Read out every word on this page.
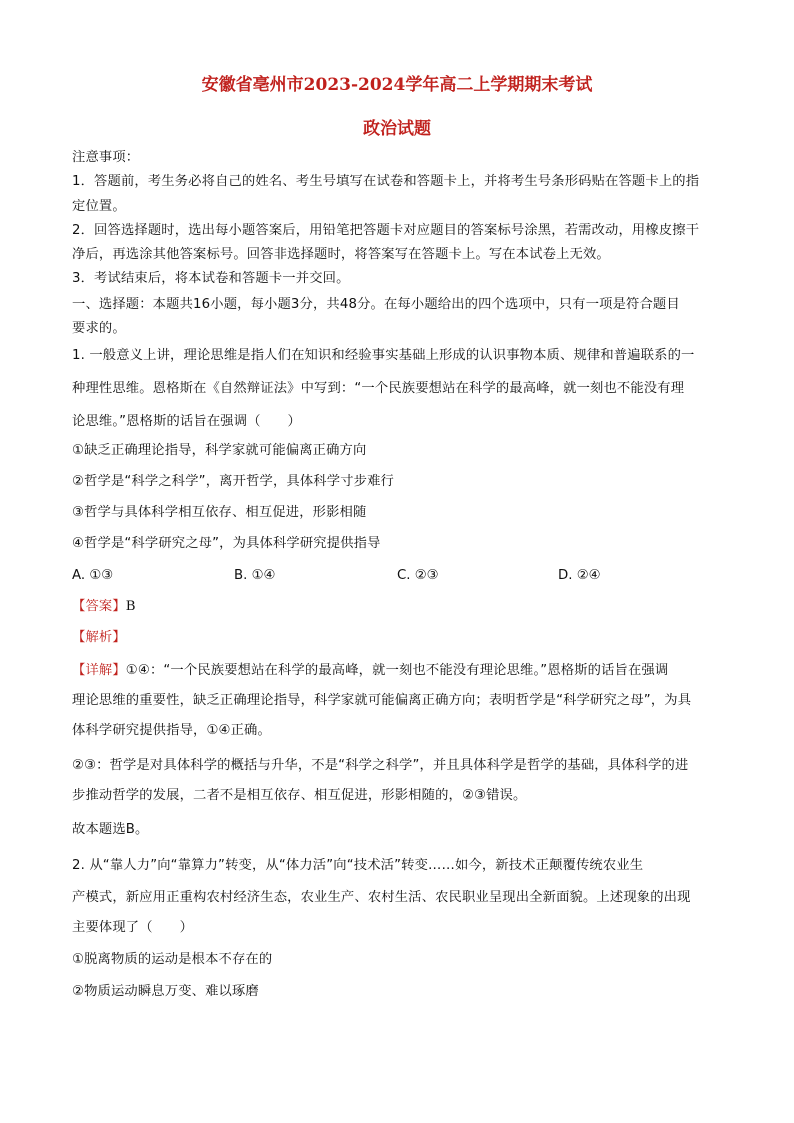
安徽省亳州市2023-2024学年高二上学期期末考试
政治试题
注意事项：
1．答题前，考生务必将自己的姓名、考生号填写在试卷和答题卡上，并将考生号条形码贴在答题卡上的指
定位置。
2．回答选择题时，选出每小题答案后，用铅笔把答题卡对应题目的答案标号涂黑，若需改动，用橡皮擦干
净后，再选涂其他答案标号。回答非选择题时，将答案写在答题卡上。写在本试卷上无效。
3．考试结束后，将本试卷和答题卡一并交回。
一、选择题：本题共16小题，每小题3分，共48分。在每小题给出的四个选项中，只有一项是符合题目
要求的。
1. 一般意义上讲，理论思维是指人们在知识和经验事实基础上形成的认识事物本质、规律和普遍联系的一
种理性思维。恩格斯在《自然辩证法》中写到：“一个民族要想站在科学的最高峰，就一刻也不能没有理
论思维。”恩格斯的话旨在强调（　　）
①缺乏正确理论指导，科学家就可能偏离正确方向
②哲学是“科学之科学”，离开哲学，具体科学寸步难行
③哲学与具体科学相互依存、相互促进，形影相随
④哲学是“科学研究之母”，为具体科学研究提供指导
A. ①③	B. ①④	C. ②③	D. ②④
【答案】B
【解析】
【详解】①④：“一个民族要想站在科学的最高峰，就一刻也不能没有理论思维。”恩格斯的话旨在强调
理论思维的重要性，缺乏正确理论指导，科学家就可能偏离正确方向；表明哲学是“科学研究之母”，为具
体科学研究提供指导，①④正确。
②③：哲学是对具体科学的概括与升华，不是“科学之科学”，并且具体科学是哲学的基础，具体科学的进
步推动哲学的发展，二者不是相互依存、相互促进，形影相随的，②③错误。
故本题选B。
2. 从“靠人力”向“靠算力”转变，从“体力活”向“技术活”转变……如今，新技术正颠覆传统农业生
产模式，新应用正重构农村经济生态，农业生产、农村生活、农民职业呈现出全新面貌。上述现象的出现
主要体现了（　　）
①脱离物质的运动是根本不存在的
②物质运动瞬息万变、难以琢磨
